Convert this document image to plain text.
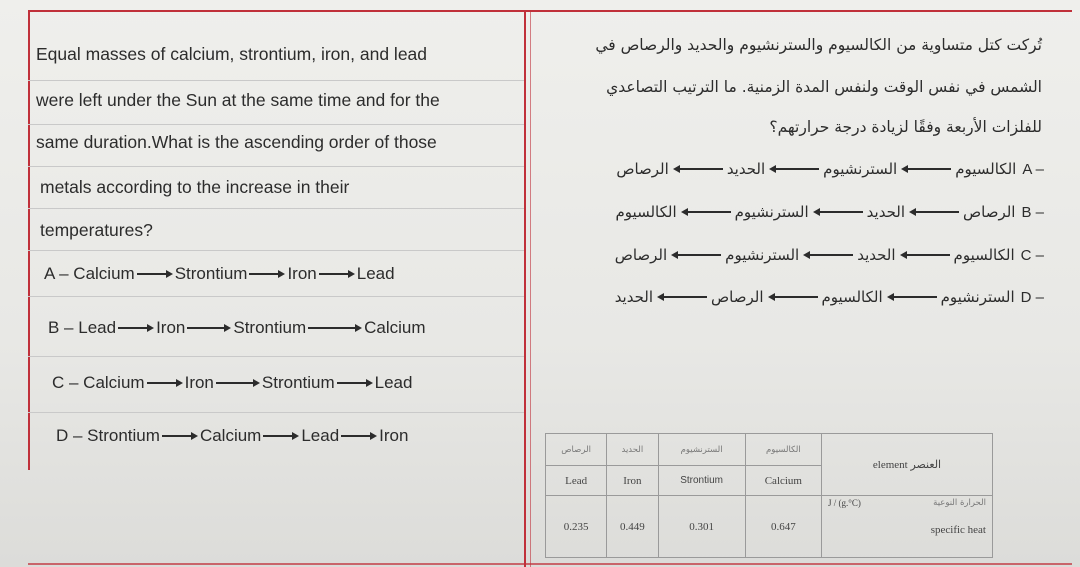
Equal masses of calcium, strontium, iron, and lead
were left under the Sun at the same time and for the
same duration.What is the ascending order of those
metals according to the increase in their
temperatures?
A – Calcium Strontium Iron Lead
B – Lead Iron	Strontium	Calcium
C – Calcium Iron	Strontium Lead
D – Strontium Calcium Lead Iron
تُركت كتل متساوية من الكالسيوم والسترنشيوم والحديد والرصاص في
الشمس في نفس الوقت ولنفس المدة الزمنية. ما الترتيب التصاعدي
للفلزات الأربعة وفقًا لزيادة درجة حرارتهم؟
A –
الكالسيوم
السترنشيوم
الحديد
الرصاص
B –
الرصاص
الحديد
السترنشيوم
الكالسيوم
C –
الكالسيوم
الحديد
السترنشيوم
الرصاص
D –
السترنشيوم
الكالسيوم
الرصاص
الحديد
الرصاص	الحديد	السترنشيوم	الكالسيوم	element العنصر
Lead	Iron	Strontium	Calcium	
0.235	0.449	0.301	0.647	J / (g.°C) الحرارة النوعية
specific heat
